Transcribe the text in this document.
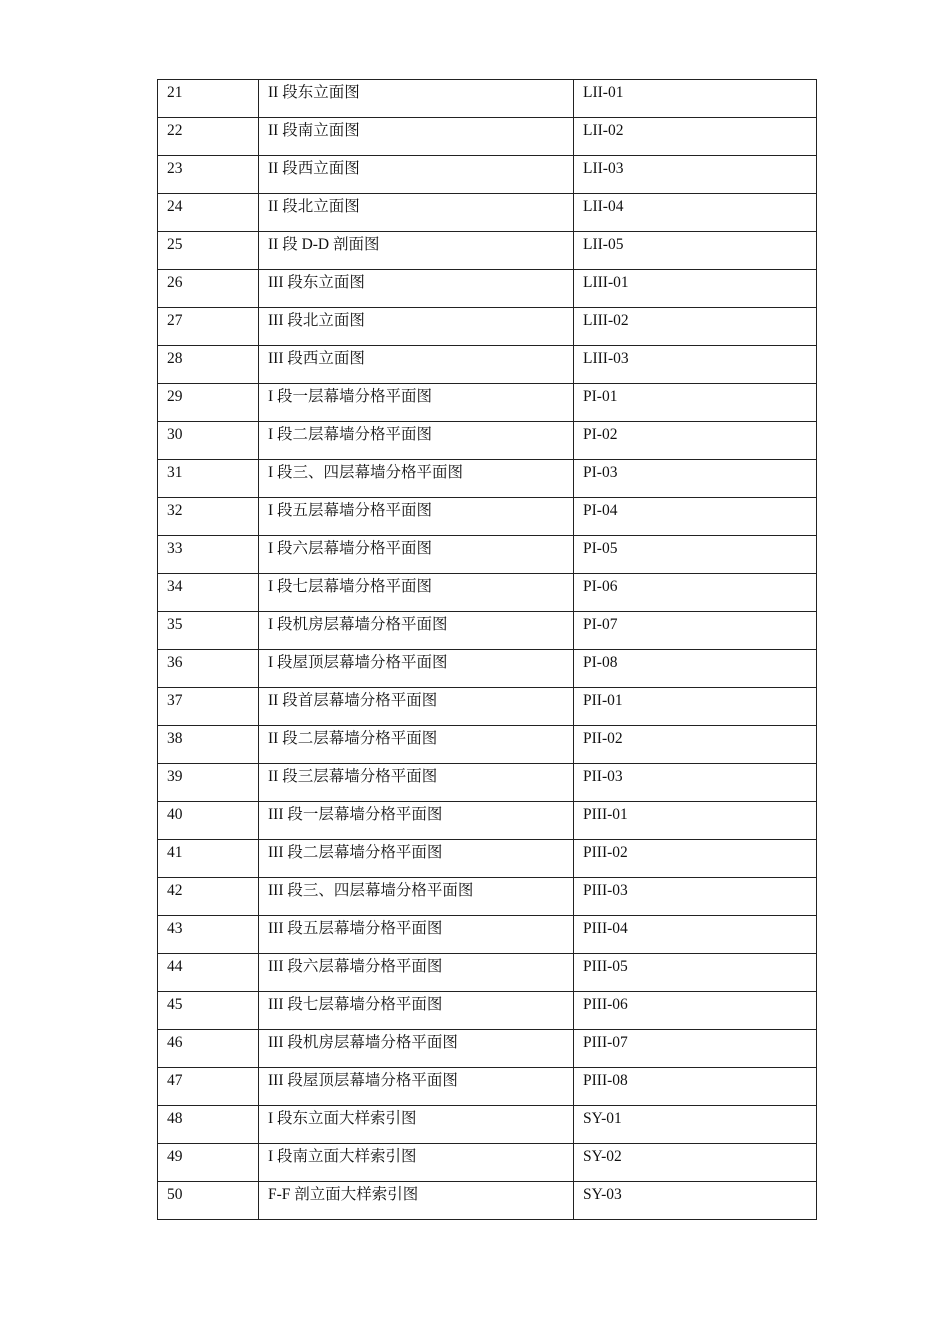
21	II 段东立面图	LII-01
22	II 段南立面图	LII-02
23	II 段西立面图	LII-03
24	II 段北立面图	LII-04
25	II 段 D-D 剖面图	LII-05
26	III 段东立面图	LIII-01
27	III 段北立面图	LIII-02
28	III 段西立面图	LIII-03
29	I 段一层幕墙分格平面图	PI-01
30	I 段二层幕墙分格平面图	PI-02
31	I 段三、四层幕墙分格平面图	PI-03
32	I 段五层幕墙分格平面图	PI-04
33	I 段六层幕墙分格平面图	PI-05
34	I 段七层幕墙分格平面图	PI-06
35	I 段机房层幕墙分格平面图	PI-07
36	I 段屋顶层幕墙分格平面图	PI-08
37	II 段首层幕墙分格平面图	PII-01
38	II 段二层幕墙分格平面图	PII-02
39	II 段三层幕墙分格平面图	PII-03
40	III 段一层幕墙分格平面图	PIII-01
41	III 段二层幕墙分格平面图	PIII-02
42	III 段三、四层幕墙分格平面图	PIII-03
43	III 段五层幕墙分格平面图	PIII-04
44	III 段六层幕墙分格平面图	PIII-05
45	III 段七层幕墙分格平面图	PIII-06
46	III 段机房层幕墙分格平面图	PIII-07
47	III 段屋顶层幕墙分格平面图	PIII-08
48	I 段东立面大样索引图	SY-01
49	I 段南立面大样索引图	SY-02
50	F-F 剖立面大样索引图	SY-03
